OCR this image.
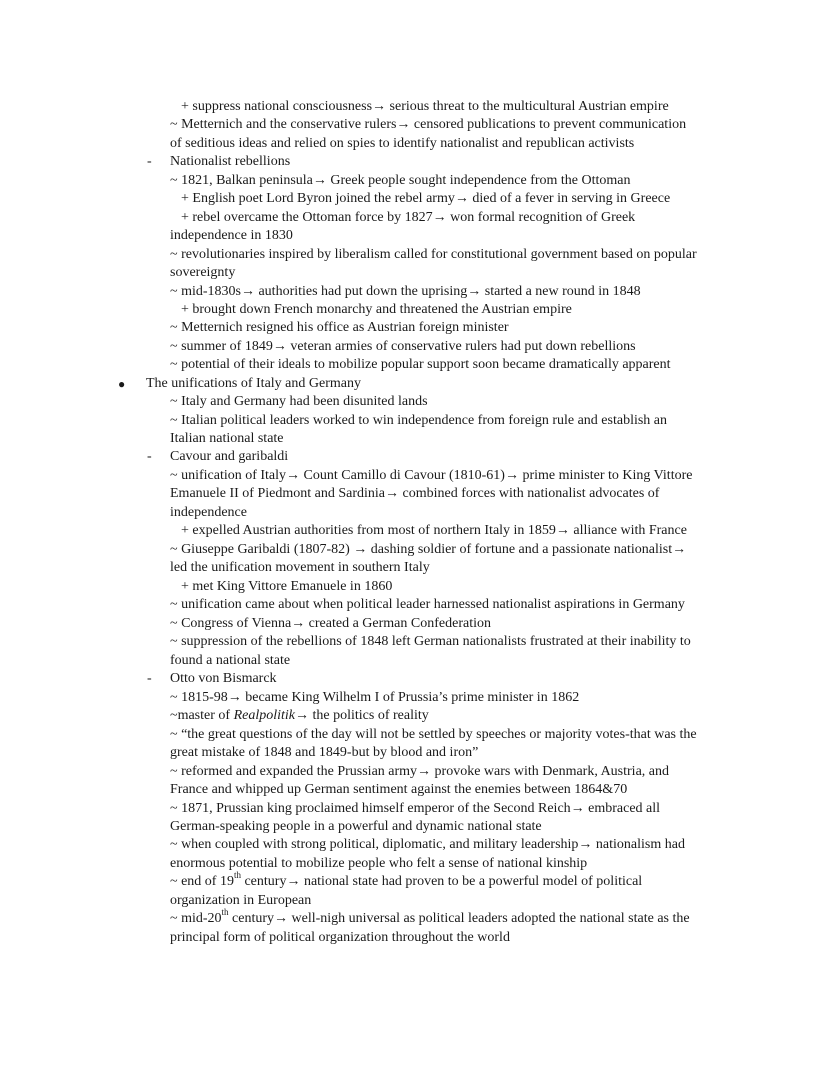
+ suppress national consciousness→ serious threat to the multicultural Austrian empire
~ Metternich and the conservative rulers→ censored publications to prevent communication
of seditious ideas and relied on spies to identify nationalist and republican activists
- Nationalist rebellions
~ 1821, Balkan peninsula→ Greek people sought independence from the Ottoman
+ English poet Lord Byron joined the rebel army→ died of a fever in serving in Greece
+ rebel overcame the Ottoman force by 1827→ won formal recognition of Greek
independence in 1830
~ revolutionaries inspired by liberalism called for constitutional government based on popular
sovereignty
~ mid-1830s→ authorities had put down the uprising→ started a new round in 1848
+ brought down French monarchy and threatened the Austrian empire
~ Metternich resigned his office as Austrian foreign minister
~ summer of 1849→ veteran armies of conservative rulers had put down rebellions
~ potential of their ideals to mobilize popular support soon became dramatically apparent
● The unifications of Italy and Germany
~ Italy and Germany had been disunited lands
~ Italian political leaders worked to win independence from foreign rule and establish an
Italian national state
- Cavour and garibaldi
~ unification of Italy→ Count Camillo di Cavour (1810-61)→ prime minister to King Vittore
Emanuele II of Piedmont and Sardinia→ combined forces with nationalist advocates of
independence
+ expelled Austrian authorities from most of northern Italy in 1859→ alliance with France
~ Giuseppe Garibaldi (1807-82) → dashing soldier of fortune and a passionate nationalist→
led the unification movement in southern Italy
+ met King Vittore Emanuele in 1860
~ unification came about when political leader harnessed nationalist aspirations in Germany
~ Congress of Vienna→ created a German Confederation
~ suppression of the rebellions of 1848 left German nationalists frustrated at their inability to
found a national state
- Otto von Bismarck
~ 1815-98→ became King Wilhelm I of Prussia’s prime minister in 1862
~master of Realpolitik→ the politics of reality
~ “the great questions of the day will not be settled by speeches or majority votes-that was the
great mistake of 1848 and 1849-but by blood and iron”
~ reformed and expanded the Prussian army→ provoke wars with Denmark, Austria, and
France and whipped up German sentiment against the enemies between 1864&70
~ 1871, Prussian king proclaimed himself emperor of the Second Reich→ embraced all
German-speaking people in a powerful and dynamic national state
~ when coupled with strong political, diplomatic, and military leadership→ nationalism had
enormous potential to mobilize people who felt a sense of national kinship
~ end of 19th century→ national state had proven to be a powerful model of political
organization in European
~ mid-20th century→ well-nigh universal as political leaders adopted the national state as the
principal form of political organization throughout the world
